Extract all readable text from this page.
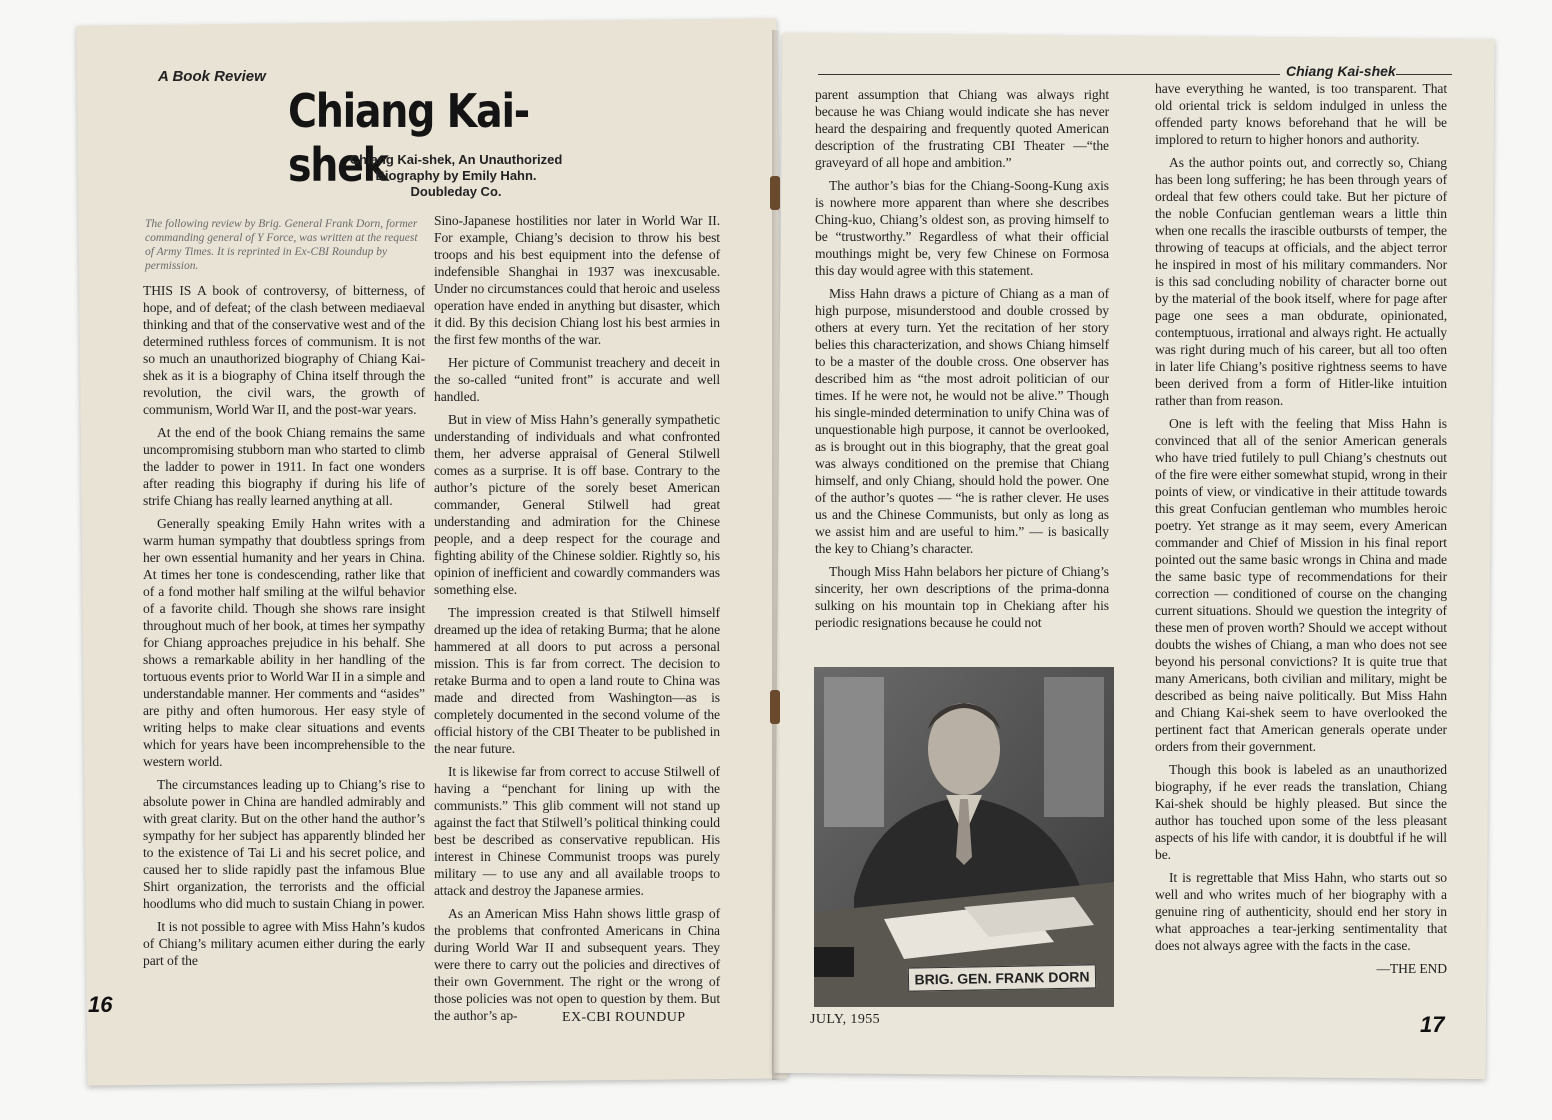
A Book Review
Chiang Kai-shek
Chiang Kai-shek, An Unauthorized
Biography by Emily Hahn.
Doubleday Co.
The following review by Brig. General Frank Dorn, former commanding general of Y Force, was written at the request of Army Times. It is reprinted in Ex-CBI Roundup by permission.

THIS IS A book of controversy, of bitterness, of hope, and of defeat; of the clash between mediaeval thinking and that of the conservative west and of the determined ruthless forces of communism. It is not so much an unauthorized biography of Chiang Kai-shek as it is a biography of China itself through the revolution, the civil wars, the growth of communism, World War II, and the post-war years.

At the end of the book Chiang remains the same uncompromising stubborn man who started to climb the ladder to power in 1911. In fact one wonders after reading this biography if during his life of strife Chiang has really learned anything at all.

Generally speaking Emily Hahn writes with a warm human sympathy that doubtless springs from her own essential humanity and her years in China. At times her tone is condescending, rather like that of a fond mother half smiling at the wilful behavior of a favorite child. Though she shows rare insight throughout much of her book, at times her sympathy for Chiang approaches prejudice in his behalf. She shows a remarkable ability in her handling of the tortuous events prior to World War II in a simple and understandable manner. Her comments and “asides” are pithy and often humorous. Her easy style of writing helps to make clear situations and events which for years have been incomprehensible to the western world.

The circumstances leading up to Chiang’s rise to absolute power in China are handled admirably and with great clarity. But on the other hand the author’s sympathy for her subject has apparently blinded her to the existence of Tai Li and his secret police, and caused her to slide rapidly past the infamous Blue Shirt organization, the terrorists and the official hoodlums who did much to sustain Chiang in power.

It is not possible to agree with Miss Hahn’s kudos of Chiang’s military acumen either during the early part of the

Sino-Japanese hostilities nor later in World War II. For example, Chiang’s decision to throw his best troops and his best equipment into the defense of indefensible Shanghai in 1937 was inexcusable. Under no circumstances could that heroic and useless operation have ended in anything but disaster, which it did. By this decision Chiang lost his best armies in the first few months of the war.

Her picture of Communist treachery and deceit in the so-called “united front” is accurate and well handled.

But in view of Miss Hahn’s generally sympathetic understanding of individuals and what confronted them, her adverse appraisal of General Stilwell comes as a surprise. It is off base. Contrary to the author’s picture of the sorely beset American commander, General Stilwell had great understanding and admiration for the Chinese people, and a deep respect for the courage and fighting ability of the Chinese soldier. Rightly so, his opinion of inefficient and cowardly commanders was something else.

The impression created is that Stilwell himself dreamed up the idea of retaking Burma; that he alone hammered at all doors to put across a personal mission. This is far from correct. The decision to retake Burma and to open a land route to China was made and directed from Washington—as is completely documented in the second volume of the official history of the CBI Theater to be published in the near future.

It is likewise far from correct to accuse Stilwell of having a “penchant for lining up with the communists.” This glib comment will not stand up against the fact that Stilwell’s political thinking could best be described as conservative republican. His interest in Chinese Communist troops was purely military — to use any and all available troops to attack and destroy the Japanese armies.

As an American Miss Hahn shows little grasp of the problems that confronted Americans in China during World War II and subsequent years. They were there to carry out the policies and directives of their own Government. The right or the wrong of those policies was not open to question by them. But the author’s ap-

16
EX-CBI ROUNDUP
Chiang Kai-shek

parent assumption that Chiang was always right because he was Chiang would indicate she has never heard the despairing and frequently quoted American description of the frustrating CBI Theater —“the graveyard of all hope and ambition.”

The author’s bias for the Chiang-Soong-Kung axis is nowhere more apparent than where she describes Ching-kuo, Chiang’s oldest son, as proving himself to be “trustworthy.” Regardless of what their official mouthings might be, very few Chinese on Formosa this day would agree with this statement.

Miss Hahn draws a picture of Chiang as a man of high purpose, misunderstood and double crossed by others at every turn. Yet the recitation of her story belies this characterization, and shows Chiang himself to be a master of the double cross. One observer has described him as “the most adroit politician of our times. If he were not, he would not be alive.” Though his single-minded determination to unify China was of unquestionable high purpose, it cannot be overlooked, as is brought out in this biography, that the great goal was always conditioned on the premise that Chiang himself, and only Chiang, should hold the power. One of the author’s quotes — “he is rather clever. He uses us and the Chinese Communists, but only as long as we assist him and are useful to him.” — is basically the key to Chiang’s character.

Though Miss Hahn belabors her picture of Chiang’s sincerity, her own descriptions of the prima-donna sulking on his mountain top in Chekiang after his periodic resignations because he could not

BRIG. GEN. FRANK DORN

have everything he wanted, is too transparent. That old oriental trick is seldom indulged in unless the offended party knows beforehand that he will be implored to return to higher honors and authority.

As the author points out, and correctly so, Chiang has been long suffering; he has been through years of ordeal that few others could take. But her picture of the noble Confucian gentleman wears a little thin when one recalls the irascible outbursts of temper, the throwing of teacups at officials, and the abject terror he inspired in most of his military commanders. Nor is this sad concluding nobility of character borne out by the material of the book itself, where for page after page one sees a man obdurate, opinionated, contemptuous, irrational and always right. He actually was right during much of his career, but all too often in later life Chiang’s positive rightness seems to have been derived from a form of Hitler-like intuition rather than from reason.

One is left with the feeling that Miss Hahn is convinced that all of the senior American generals who have tried futilely to pull Chiang’s chestnuts out of the fire were either somewhat stupid, wrong in their points of view, or vindicative in their attitude towards this great Confucian gentleman who mumbles heroic poetry. Yet strange as it may seem, every American commander and Chief of Mission in his final report pointed out the same basic wrongs in China and made the same basic type of recommendations for their correction — conditioned of course on the changing current situations. Should we question the integrity of these men of proven worth? Should we accept without doubts the wishes of Chiang, a man who does not see beyond his personal convictions? It is quite true that many Americans, both civilian and military, might be described as being naive politically. But Miss Hahn and Chiang Kai-shek seem to have overlooked the pertinent fact that American generals operate under orders from their government.

Though this book is labeled as an unauthorized biography, if he ever reads the translation, Chiang Kai-shek should be highly pleased. But since the author has touched upon some of the less pleasant aspects of his life with candor, it is doubtful if he will be.

It is regrettable that Miss Hahn, who starts out so well and who writes much of her biography with a genuine ring of authenticity, should end her story in what approaches a tear-jerking sentimentality that does not always agree with the facts in the case.

—THE END
JULY, 1955	17
